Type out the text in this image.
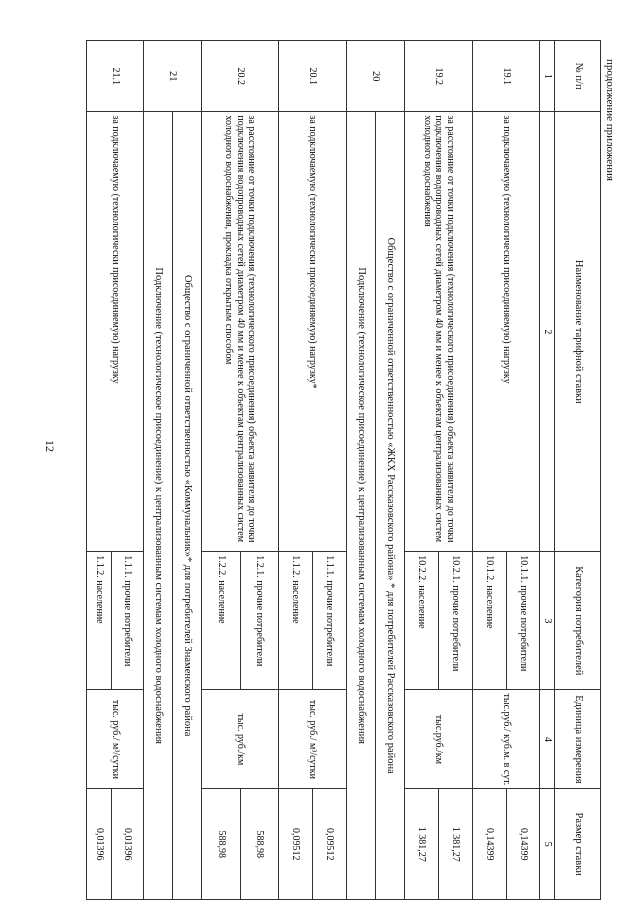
12
продолжение приложения
№ п/п	Наименование тарифной ставки	Категория потребителей	Единица измерения	Размер ставки
1	2	3	4	5
19.1	за подключаемую (технологически присоединяемую) нагрузку	10.1.1. прочие потребители	тыс.руб./ куб.м. в сут.	0,14399
		10.1.2. население		0,14399
19.2	за расстояние от точки подключения (технологического присоединения) объекта заявителя до точки подключения водопроводных сетей диаметром 40 мм и менее к объектам централизованных систем холодного водоснабжения	10.2.1. прочие потребители	тыс.руб./км	1 381,27
		10.2.2. население		1 381,27
20	Общество с ограниченной ответственностью «ЖКХ Рассказовского района» * для потребителей Рассказовского района			
	Подключение (технологическое присоединение) к централизованным системам холодного водоснабжения			
20.1	за подключаемую (технологически присоединяемую) нагрузку*	1.1.1. прочие потребители	тыс. руб./ м³/сутки	0,09512
		1.1.2. население		0,09512
20.2	за расстояние от точки подключения (технологического присоединения) объекта заявителя до точки подключения водопроводных сетей диаметром 40 мм и менее к объектам централизованных систем холодного водоснабжения, прокладка открытым способом	1.2.1. прочие потребители	тыс. руб./км	588,98
		1.2.2. население		588,98
21	Общество с ограниченной ответственностью «Коммунальник»* для потребителей Знаменского района			
	Подключение (технологическое присоединение) к централизованным системам холодного водоснабжения			
21.1	за подключаемую (технологически присоединяемую) нагрузку	1.1.1. прочие потребители	тыс. руб./ м³/сутки	0,01396
		1.1.2. население		0,01396
